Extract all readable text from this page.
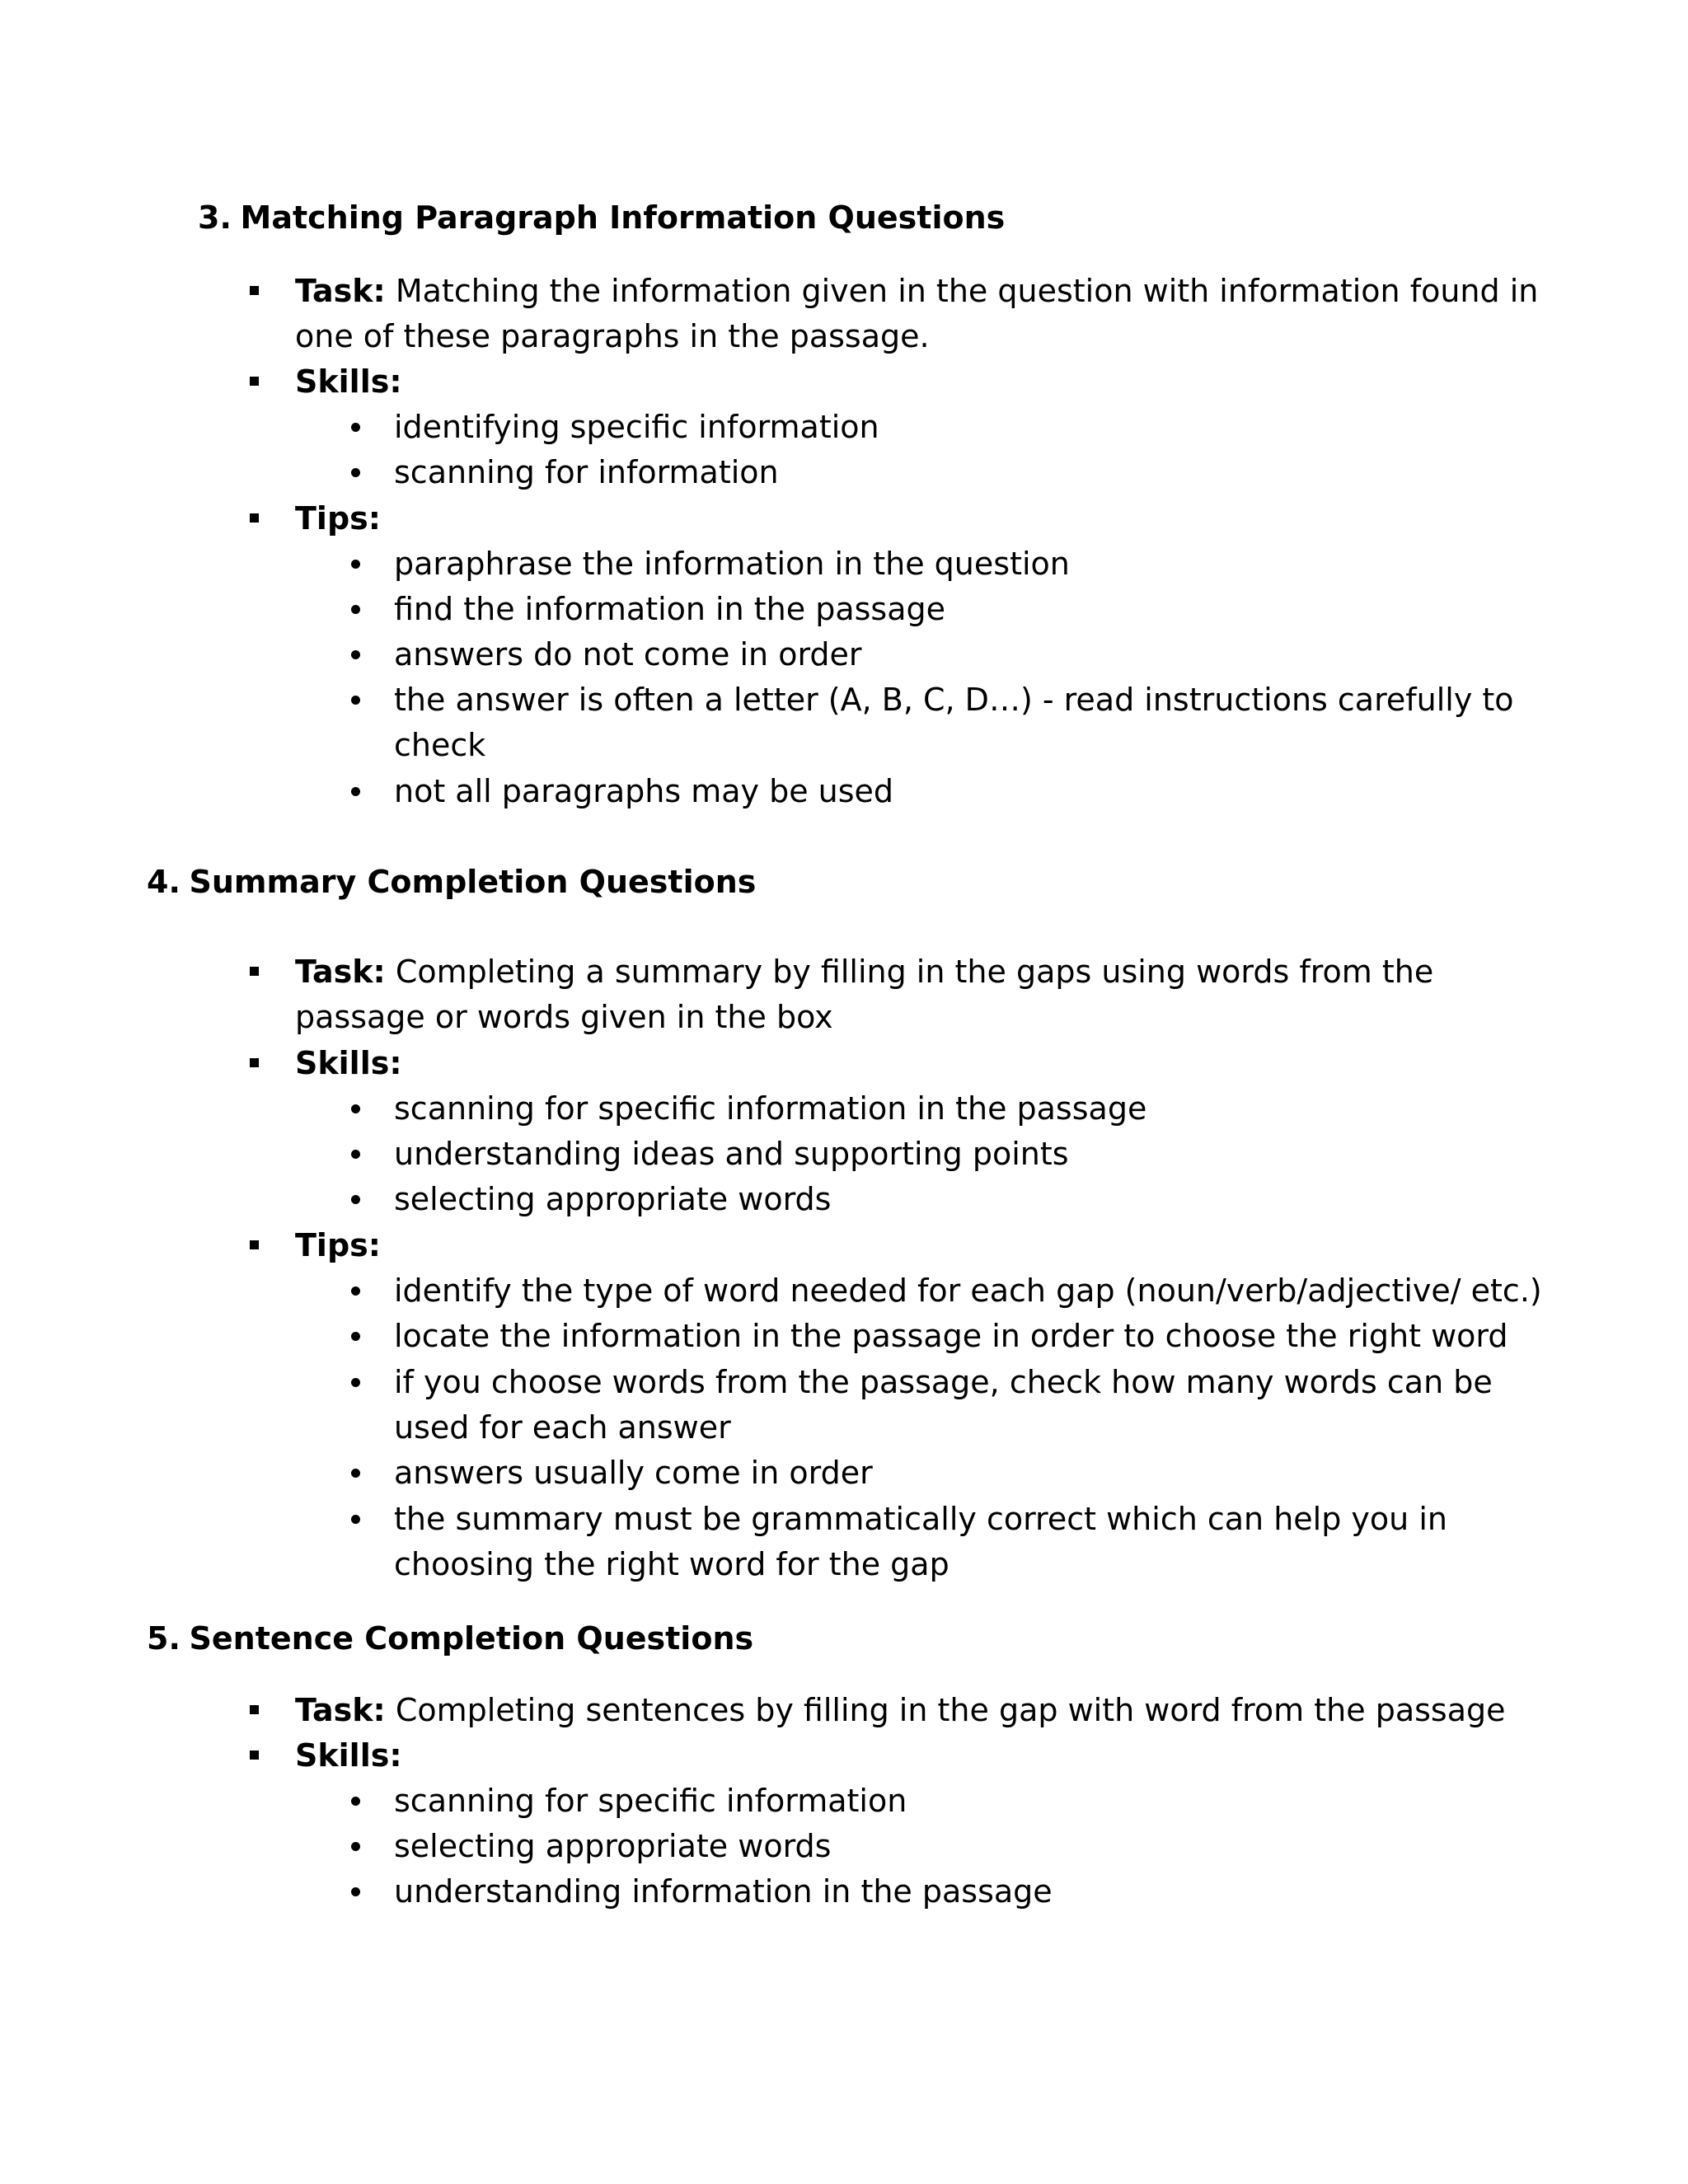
3. Matching Paragraph Information Questions
Task: Matching the information given in the question with information found in
one of these paragraphs in the passage.
Skills:
identifying specific information
scanning for information
Tips:
paraphrase the information in the question
find the information in the passage
answers do not come in order
the answer is often a letter (A, B, C, D…) - read instructions carefully to
check
not all paragraphs may be used
4. Summary Completion Questions
Task: Completing a summary by filling in the gaps using words from the
passage or words given in the box
Skills:
scanning for specific information in the passage
understanding ideas and supporting points
selecting appropriate words
Tips:
identify the type of word needed for each gap (noun/verb/adjective/ etc.)
locate the information in the passage in order to choose the right word
if you choose words from the passage, check how many words can be
used for each answer
answers usually come in order
the summary must be grammatically correct which can help you in
choosing the right word for the gap
5. Sentence Completion Questions
Task: Completing sentences by filling in the gap with word from the passage
Skills:
scanning for specific information
selecting appropriate words
understanding information in the passage
